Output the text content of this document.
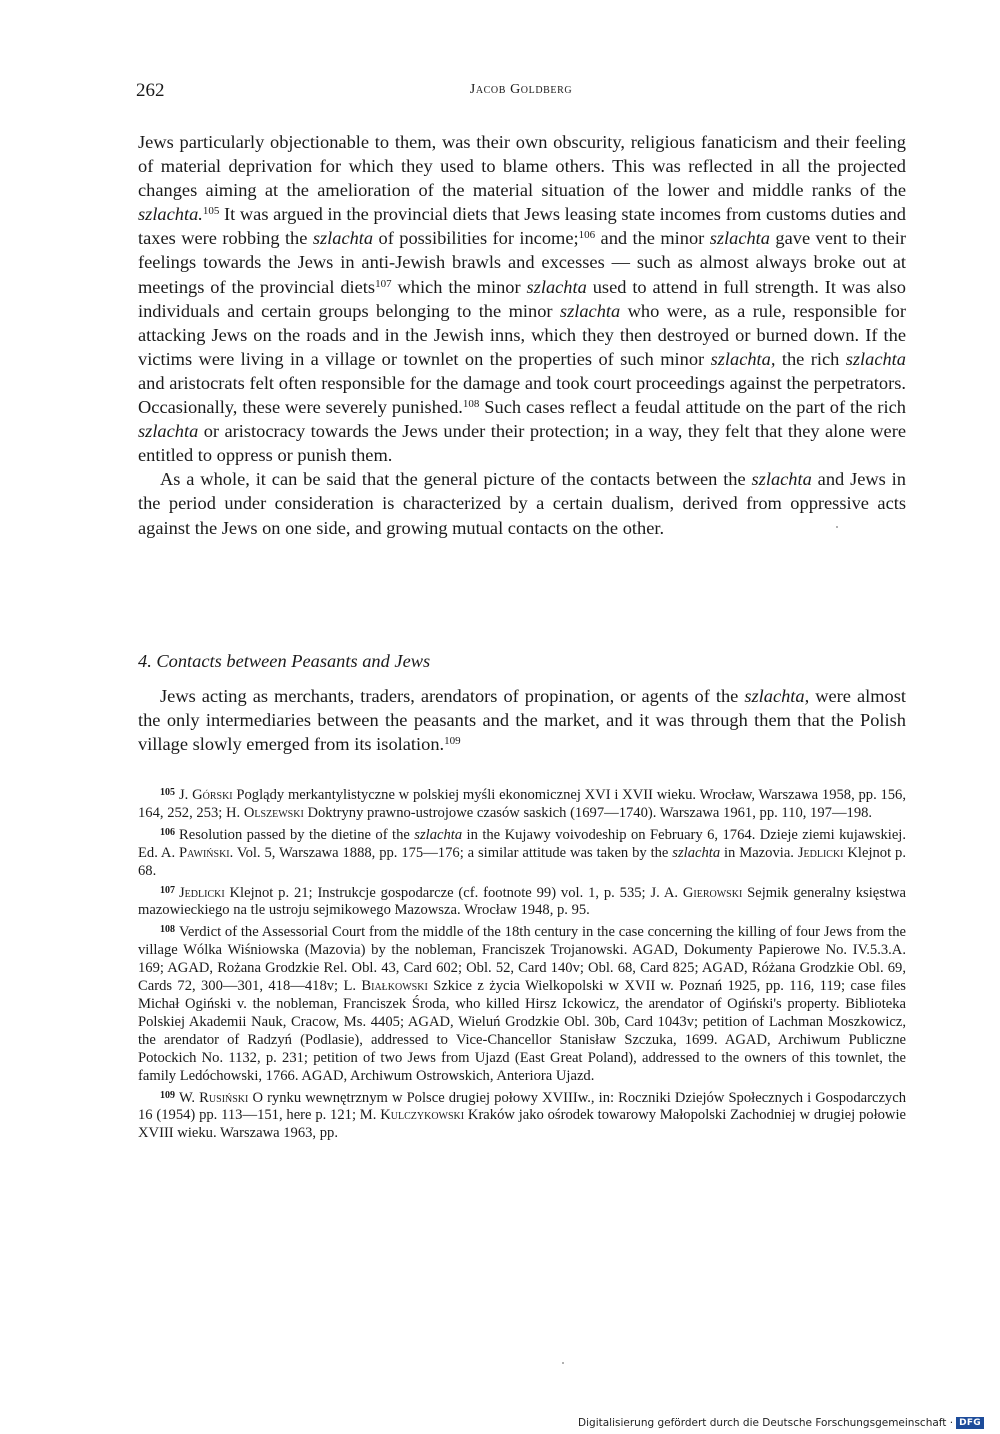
262	Jacob Goldberg

Jews particularly objectionable to them, was their own obscurity, religious fanaticism and their feeling of material deprivation for which they used to blame others. This was reflected in all the projected changes aiming at the amelioration of the material situation of the lower and middle ranks of the szlachta.$^{105}$ It was argued in the provincial diets that Jews leasing state incomes from customs duties and taxes were robbing the szlachta of possibilities for income;$^{106}$ and the minor szlachta gave vent to their feelings towards the Jews in anti-Jewish brawls and excesses — such as almost always broke out at meetings of the provincial diets$^{107}$ which the minor szlachta used to attend in full strength. It was also individuals and certain groups belonging to the minor szlachta who were, as a rule, responsible for attacking Jews on the roads and in the Jewish inns, which they then destroyed or burned down. If the victims were living in a village or townlet on the properties of such minor szlachta, the rich szlachta and aristocrats felt often responsible for the damage and took court proceedings against the perpetrators. Occasionally, these were severely punished.$^{108}$ Such cases reflect a feudal attitude on the part of the rich szlachta or aristocracy towards the Jews under their protection; in a way, they felt that they alone were entitled to oppress or punish them.

As a whole, it can be said that the general picture of the contacts between the szlachta and Jews in the period under consideration is characterized by a certain dualism, derived from oppressive acts against the Jews on one side, and growing mutual contacts on the other.

4. Contacts between Peasants and Jews

Jews acting as merchants, traders, arendators of propination, or agents of the szlachta, were almost the only intermediaries between the peasants and the market, and it was through them that the Polish village slowly emerged from its isolation.$^{109}$

$^{105}$ J. Górski Poglądy merkantylistyczne w polskiej myśli ekonomicznej XVI i XVII wieku. Wrocław, Warszawa 1958, pp. 156, 164, 252, 253; H. Olszewski Doktryny prawno-ustrojowe czasów saskich (1697—1740). Warszawa 1961, pp. 110, 197—198.

$^{106}$ Resolution passed by the dietine of the szlachta in the Kujawy voivodeship on February 6, 1764. Dzieje ziemi kujawskiej. Ed. A. Pawiński. Vol. 5, Warszawa 1888, pp. 175—176; a similar attitude was taken by the szlachta in Mazovia. Jedlicki Klejnot p. 68.

$^{107}$ Jedlicki Klejnot p. 21; Instrukcje gospodarcze (cf. footnote 99) vol. 1, p. 535; J. A. Gierowski Sejmik generalny księstwa mazowieckiego na tle ustroju sejmikowego Mazowsza. Wrocław 1948, p. 95.

$^{108}$ Verdict of the Assessorial Court from the middle of the 18th century in the case concerning the killing of four Jews from the village Wólka Wiśniowska (Mazovia) by the nobleman, Franciszek Trojanowski. AGAD, Dokumenty Papierowe No. IV.5.3.A. 169; AGAD, Rożana Grodzkie Rel. Obl. 43, Card 602; Obl. 52, Card 140v; Obl. 68, Card 825; AGAD, Różana Grodzkie Obl. 69, Cards 72, 300—301, 418—418v; L. Białkowski Szkice z życia Wielkopolski w XVII w. Poznań 1925, pp. 116, 119; case files Michał Ogiński v. the nobleman, Franciszek Środa, who killed Hirsz Ickowicz, the arendator of Ogiński's property. Biblioteka Polskiej Akademii Nauk, Cracow, Ms. 4405; AGAD, Wieluń Grodzkie Obl. 30b, Card 1043v; petition of Lachman Moszkowicz, the arendator of Radzyń (Podlasie), addressed to Vice-Chancellor Stanisław Szczuka, 1699. AGAD, Archiwum Publiczne Potockich No. 1132, p. 231; petition of two Jews from Ujazd (East Great Poland), addressed to the owners of this townlet, the family Ledóchowski, 1766. AGAD, Archiwum Ostrowskich, Anteriora Ujazd.

$^{109}$ W. Rusiński O rynku wewnętrznym w Polsce drugiej połowy XVIIIw., in: Roczniki Dziejów Społecznych i Gospodarczych 16 (1954) pp. 113—151, here p. 121; M. Kulczykowski Kraków jako ośrodek towarowy Małopolski Zachodniej w drugiej połowie XVIII wieku. Warszawa 1963, pp.

Digitalisierung gefördert durch die Deutsche Forschungsgemeinschaft · DFG
